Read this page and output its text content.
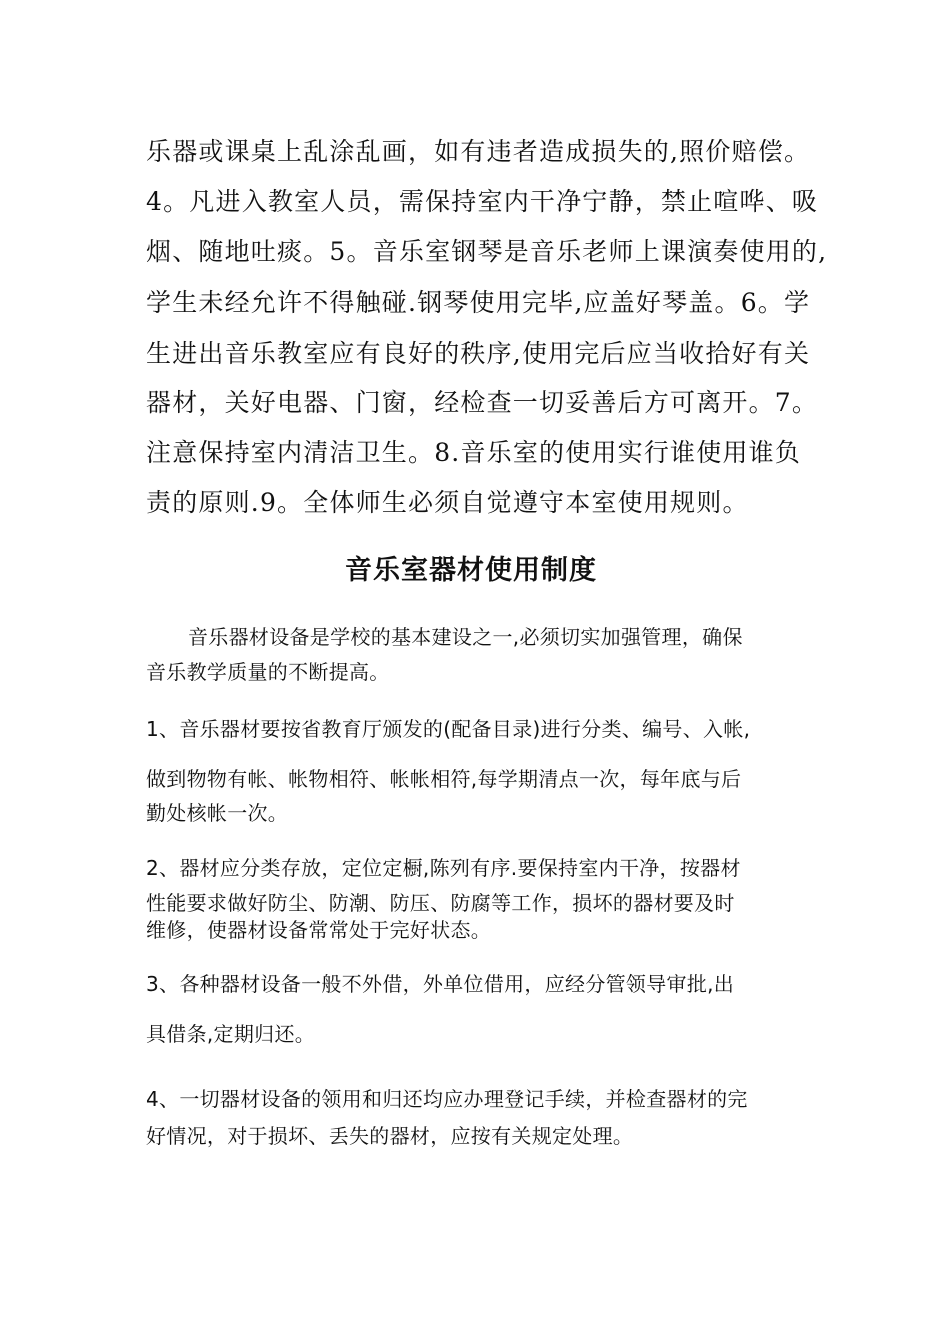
乐器或课桌上乱涂乱画，如有违者造成损失的,照价赔偿。
4。凡进入教室人员，需保持室内干净宁静，禁止喧哗、吸
烟、随地吐痰。5。音乐室钢琴是音乐老师上课演奏使用的,
学生未经允许不得触碰.钢琴使用完毕,应盖好琴盖。6。学
生进出音乐教室应有良好的秩序,使用完后应当收拾好有关
器材，关好电器、门窗，经检查一切妥善后方可离开。7。
注意保持室内清洁卫生。8.音乐室的使用实行谁使用谁负
责的原则.9。全体师生必须自觉遵守本室使用规则。
音乐室器材使用制度
音乐器材设备是学校的基本建设之一,必须切实加强管理，确保
音乐教学质量的不断提高。
1、音乐器材要按省教育厅颁发的(配备目录)进行分类、编号、入帐,
做到物物有帐、帐物相符、帐帐相符,每学期清点一次，每年底与后
勤处核帐一次。
2、器材应分类存放，定位定橱,陈列有序.要保持室内干净，按器材
性能要求做好防尘、防潮、防压、防腐等工作，损坏的器材要及时
维修，使器材设备常常处于完好状态。
3、各种器材设备一般不外借，外单位借用，应经分管领导审批,出
具借条,定期归还。
4、一切器材设备的领用和归还均应办理登记手续，并检查器材的完
好情况，对于损坏、丢失的器材，应按有关规定处理。
